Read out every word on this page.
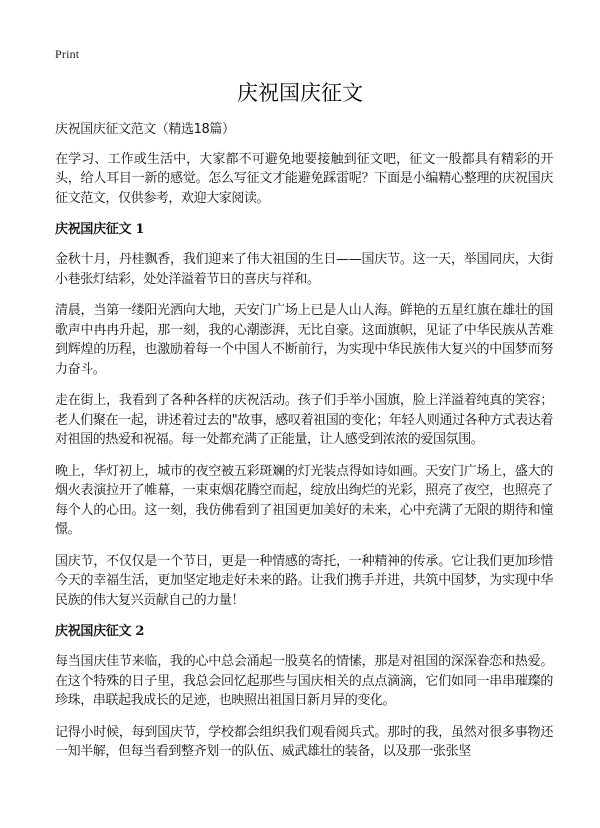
Print
庆祝国庆征文

庆祝国庆征文范文（精选18篇）

在学习、工作或生活中，大家都不可避免地要接触到征文吧，征文一般都具有精彩的开头，给人耳目一新的感觉。怎么写征文才能避免踩雷呢？下面是小编精心整理的庆祝国庆征文范文，仅供参考，欢迎大家阅读。

庆祝国庆征文 1

金秋十月，丹桂飘香，我们迎来了伟大祖国的生日——国庆节。这一天，举国同庆，大街小巷张灯结彩，处处洋溢着节日的喜庆与祥和。

清晨，当第一缕阳光洒向大地，天安门广场上已是人山人海。鲜艳的五星红旗在雄壮的国歌声中冉冉升起，那一刻，我的心潮澎湃，无比自豪。这面旗帜，见证了中华民族从苦难到辉煌的历程，也激励着每一个中国人不断前行，为实现中华民族伟大复兴的中国梦而努力奋斗。

走在街上，我看到了各种各样的庆祝活动。孩子们手举小国旗，脸上洋溢着纯真的笑容；老人们聚在一起，讲述着过去的"故事，感叹着祖国的变化；年轻人则通过各种方式表达着对祖国的热爱和祝福。每一处都充满了正能量，让人感受到浓浓的爱国氛围。

晚上，华灯初上，城市的夜空被五彩斑斓的灯光装点得如诗如画。天安门广场上，盛大的烟火表演拉开了帷幕，一束束烟花腾空而起，绽放出绚烂的光彩，照亮了夜空，也照亮了每个人的心田。这一刻，我仿佛看到了祖国更加美好的未来，心中充满了无限的期待和憧憬。

国庆节，不仅仅是一个节日，更是一种情感的寄托，一种精神的传承。它让我们更加珍惜今天的幸福生活，更加坚定地走好未来的路。让我们携手并进，共筑中国梦，为实现中华民族的伟大复兴贡献自己的力量！

庆祝国庆征文 2

每当国庆佳节来临，我的心中总会涌起一股莫名的情愫，那是对祖国的深深眷恋和热爱。在这个特殊的日子里，我总会回忆起那些与国庆相关的点点滴滴，它们如同一串串璀璨的珍珠，串联起我成长的足迹，也映照出祖国日新月异的变化。

记得小时候，每到国庆节，学校都会组织我们观看阅兵式。那时的我，虽然对很多事物还一知半解，但每当看到整齐划一的队伍、威武雄壮的装备，以及那一张张坚
